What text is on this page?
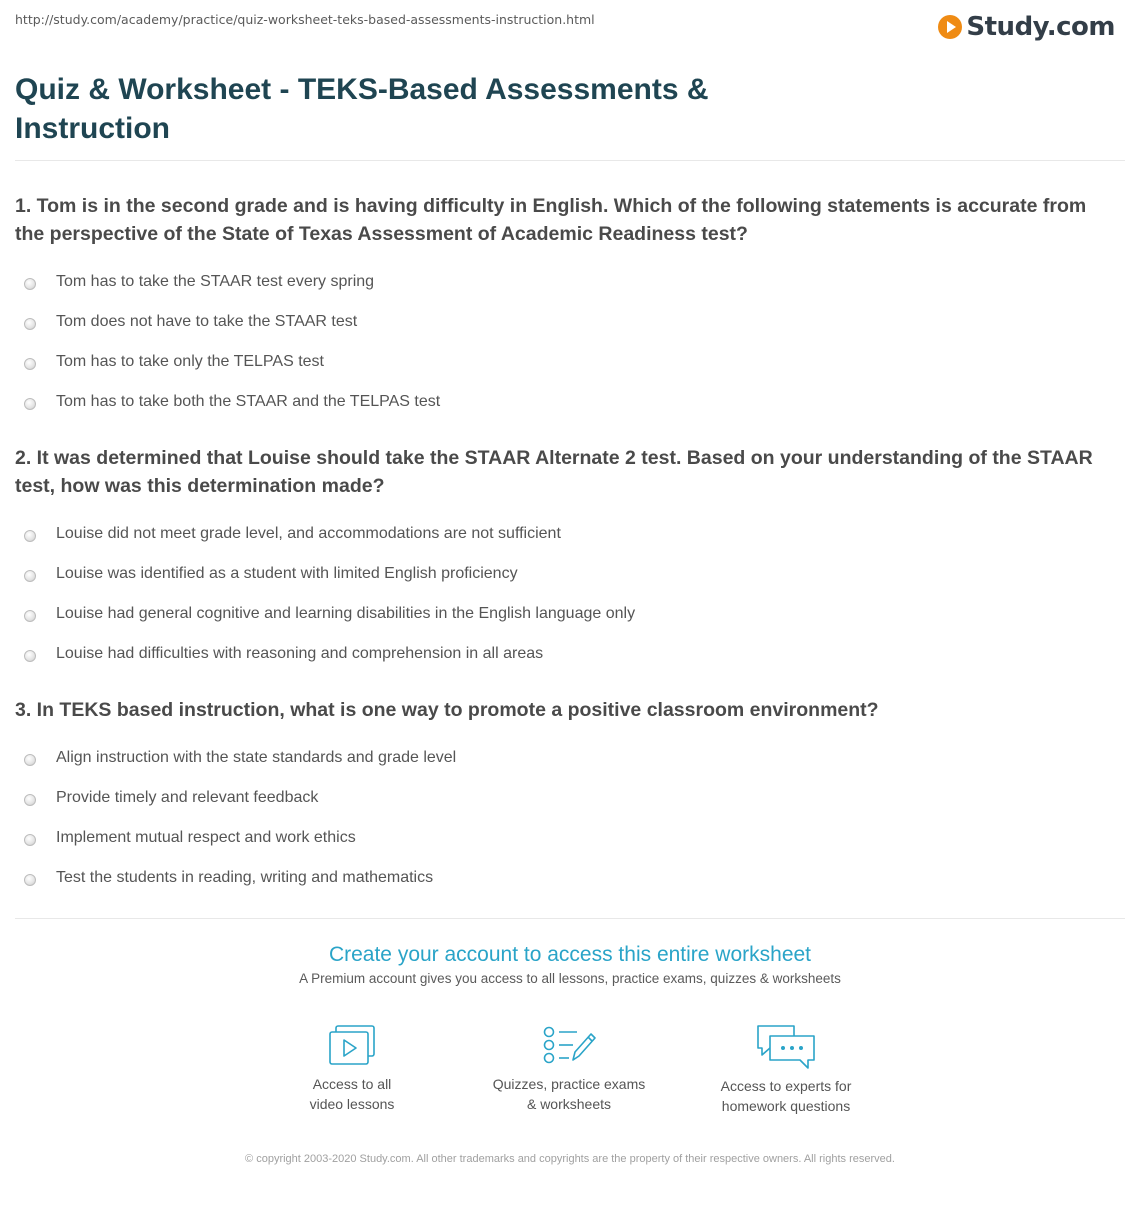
http://study.com/academy/practice/quiz-worksheet-teks-based-assessments-instruction.html	Study.com
Quiz & Worksheet - TEKS-Based Assessments & Instruction

1. Tom is in the second grade and is having difficulty in English. Which of the following statements is accurate from the perspective of the State of Texas Assessment of Academic Readiness test?

Tom has to take the STAAR test every spring
Tom does not have to take the STAAR test
Tom has to take only the TELPAS test
Tom has to take both the STAAR and the TELPAS test

2. It was determined that Louise should take the STAAR Alternate 2 test. Based on your understanding of the STAAR test, how was this determination made?

Louise did not meet grade level, and accommodations are not sufficient
Louise was identified as a student with limited English proficiency
Louise had general cognitive and learning disabilities in the English language only
Louise had difficulties with reasoning and comprehension in all areas

3. In TEKS based instruction, what is one way to promote a positive classroom environment?

Align instruction with the state standards and grade level
Provide timely and relevant feedback
Implement mutual respect and work ethics
Test the students in reading, writing and mathematics

Create your account to access this entire worksheet

A Premium account gives you access to all lessons, practice exams, quizzes & worksheets

Access to all
video lessons

Quizzes, practice exams
& worksheets

Access to experts for
homework questions

© copyright 2003-2020 Study.com. All other trademarks and copyrights are the property of their respective owners. All rights reserved.
